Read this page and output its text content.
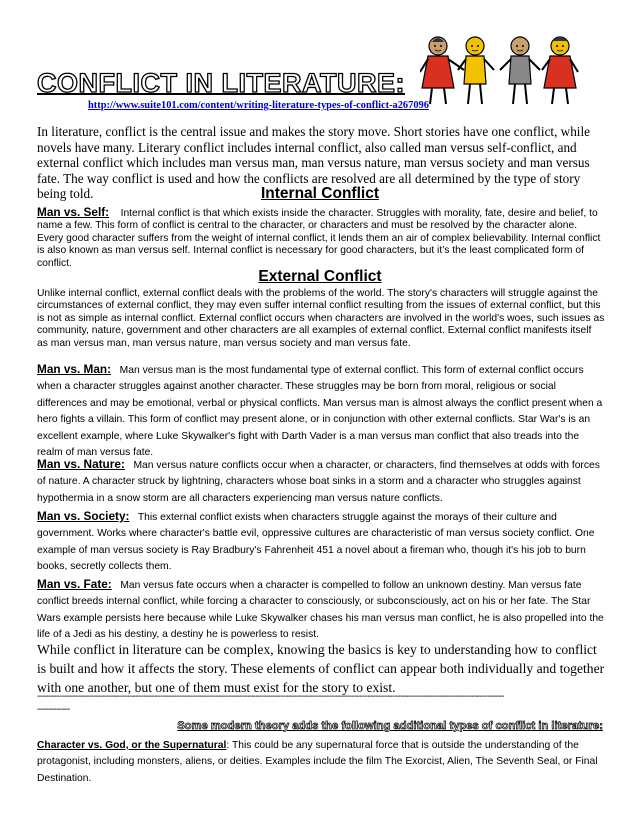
CONFLICT IN LITERATURE:
http://www.suite101.com/content/writing-literature-types-of-conflict-a267096

In literature, conflict is the central issue and makes the story move. Short stories have one conflict, while novels have many. Literary conflict includes internal conflict, also called man versus self-conflict, and external conflict which includes man versus man, man versus nature, man versus society and man versus fate. The way conflict is used and how the conflicts are resolved are all determined by the type of story being told.	Internal Conflict

Man vs. Self: Internal conflict is that which exists inside the character. Struggles with morality, fate, desire and belief, to name a few. This form of conflict is central to the character, or characters and must be resolved by the character alone. Every good character suffers from the weight of internal conflict, it lends them an air of complex believability. Internal conflict is also known as man versus self. Internal conflict is necessary for good characters, but it’s the least complicated form of conflict.

External Conflict

Unlike internal conflict, external conflict deals with the problems of the world. The story's characters will struggle against the circumstances of external conflict, they may even suffer internal conflict resulting from the issues of external conflict, but this is not as simple as internal conflict. External conflict occurs when characters are involved in the world's woes, such issues as community, nature, government and other characters are all examples of external conflict. External conflict manifests itself as man versus man, man versus nature, man versus society and man versus fate.

Man vs. Man: Man versus man is the most fundamental type of external conflict. This form of external conflict occurs when a character struggles against another character. These struggles may be born from moral, religious or social differences and may be emotional, verbal or physical conflicts. Man versus man is almost always the conflict present when a hero fights a villain. This form of conflict may present alone, or in conjunction with other external conflicts. Star War's is an excellent example, where Luke Skywalker's fight with Darth Vader is a man versus man conflict that also treads into the realm of man versus fate.

Man vs. Nature: Man versus nature conflicts occur when a character, or characters, find themselves at odds with forces of nature. A character struck by lightning, characters whose boat sinks in a storm and a character who struggles against hypothermia in a snow storm are all characters experiencing man versus nature conflicts.

Man vs. Society: This external conflict exists when characters struggle against the morays of their culture and government. Works where character's battle evil, oppressive cultures are characteristic of man versus society conflict. One example of man versus society is Ray Bradbury's Fahrenheit 451 a novel about a fireman who, though it's his job to burn books, secretly collects them.

Man vs. Fate: Man versus fate occurs when a character is compelled to follow an unknown destiny. Man versus fate conflict breeds internal conflict, while forcing a character to consciously, or subconsciously, act on his or her fate. The Star Wars example persists here because while Luke Skywalker chases his man versus man conflict, he is also propelled into the life of a Jedi as his destiny, a destiny he is powerless to resist.

While conflict in literature can be complex, knowing the basics is key to understanding how to conflict is built and how it affects the story. These elements of conflict can appear both individually and together with one another, but one of them must exist for the story to exist.

---------------------------------------------------------------------------------------------------------------------------------------------------------------------------
------------
Some modern theory adds the following additional types of conflict in literature:

Character vs. God, or the Supernatural: This could be any supernatural force that is outside the understanding of the protagonist, including monsters, aliens, or deities. Examples include the film The Exorcist, Alien, The Seventh Seal, or Final Destination.
